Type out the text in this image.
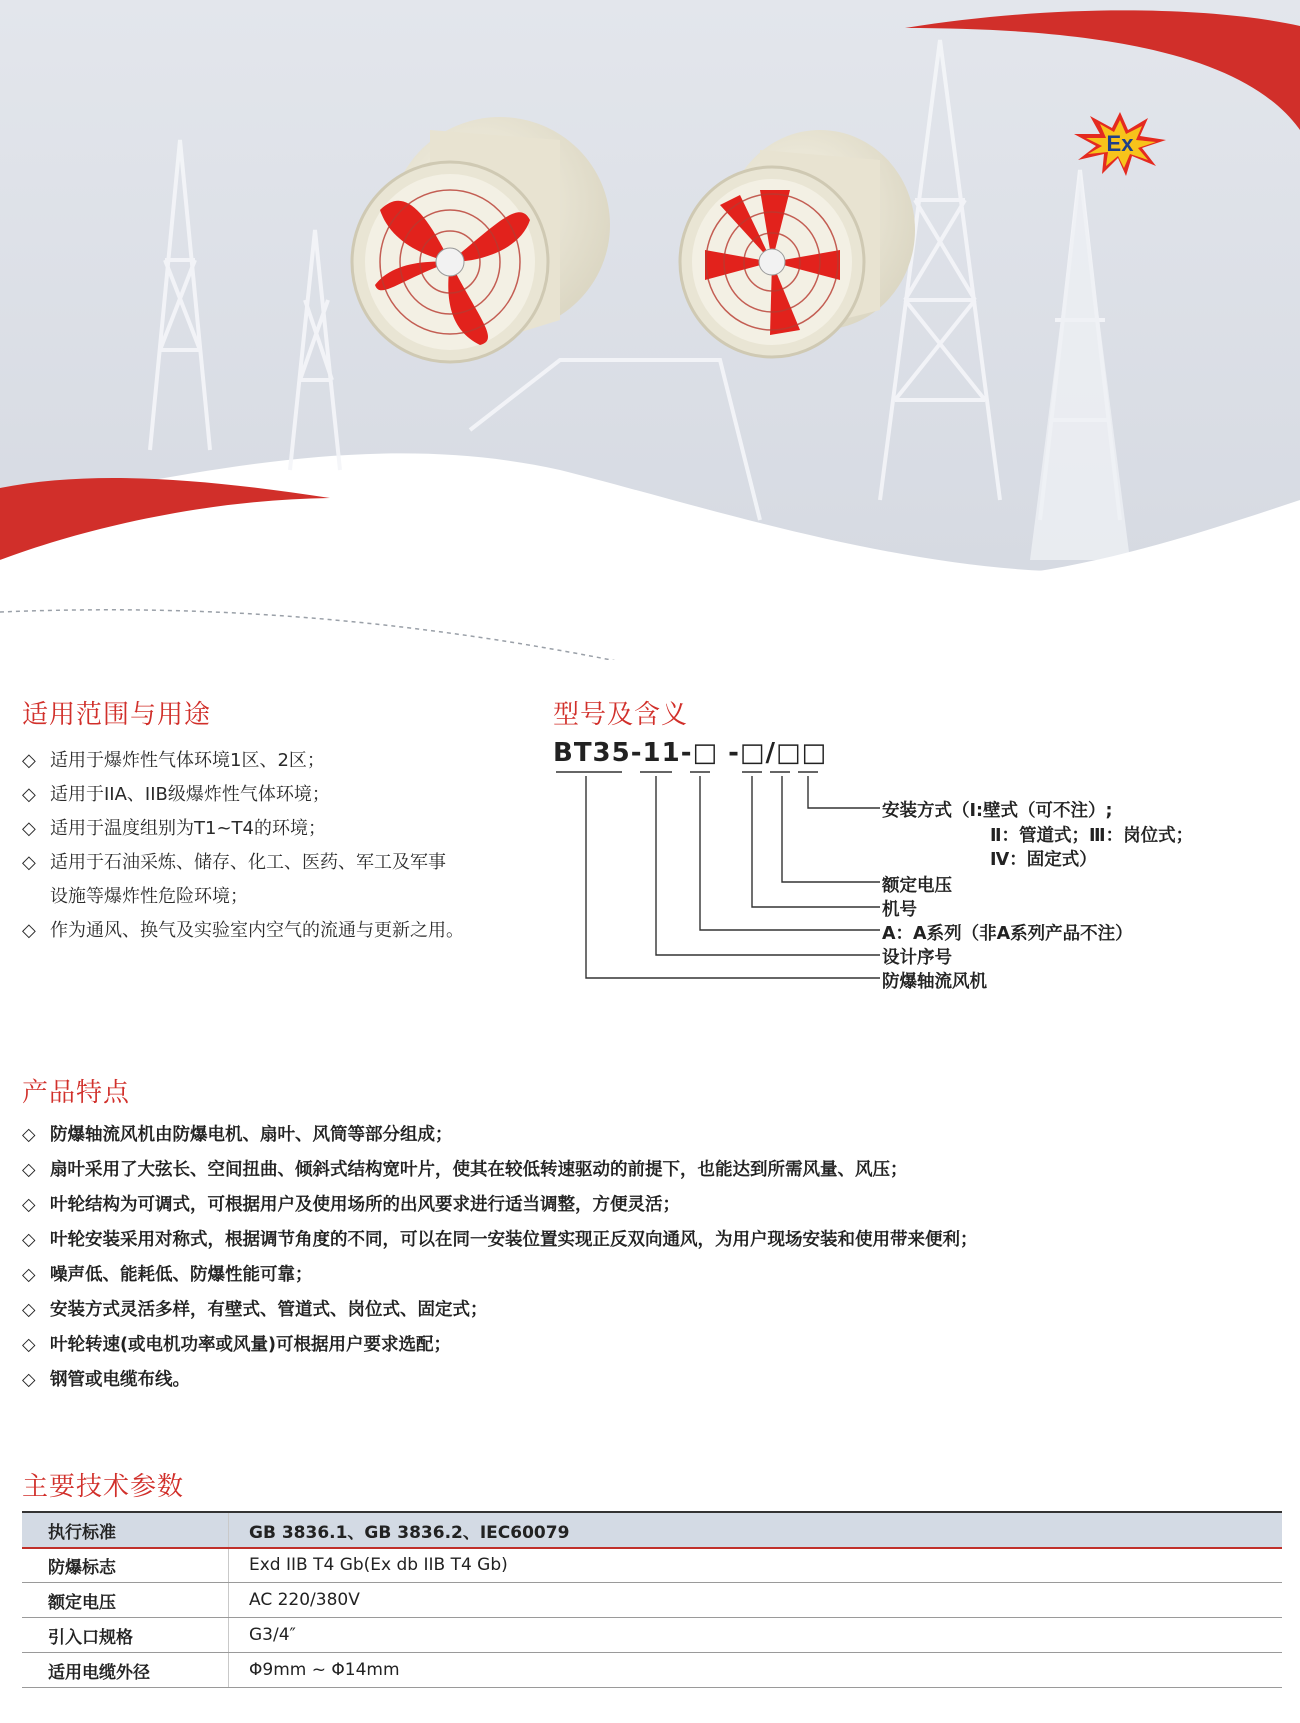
Ex
适用范围与用途
◇ 适用于爆炸性气体环境1区、2区；
◇ 适用于IIA、IIB级爆炸性气体环境；
◇ 适用于温度组别为T1~T4的环境；
◇ 适用于石油采炼、储存、化工、医药、军工及军事
设施等爆炸性危险环境；
◇ 作为通风、换气及实验室内空气的流通与更新之用。
型号及含义
BT35-11-□ -□/□□
安装方式（Ⅰ:壁式（可不注）;
Ⅱ：管道式；Ⅲ：岗位式；
Ⅳ：固定式）
额定电压
机号
A：A系列（非A系列产品不注）
设计序号
防爆轴流风机
产品特点
◇ 防爆轴流风机由防爆电机、扇叶、风筒等部分组成；
◇ 扇叶采用了大弦长、空间扭曲、倾斜式结构宽叶片，使其在较低转速驱动的前提下，也能达到所需风量、风压；
◇ 叶轮结构为可调式，可根据用户及使用场所的出风要求进行适当调整，方便灵活；
◇ 叶轮安装采用对称式，根据调节角度的不同，可以在同一安装位置实现正反双向通风，为用户现场安装和使用带来便利；
◇ 噪声低、能耗低、防爆性能可靠；
◇ 安装方式灵活多样，有壁式、管道式、岗位式、固定式；
◇ 叶轮转速(或电机功率或风量)可根据用户要求选配；
◇ 钢管或电缆布线。
主要技术参数
执行标准	GB 3836.1、GB 3836.2、IEC60079
防爆标志	Exd IIB T4 Gb(Ex db IIB T4 Gb)
额定电压	AC 220/380V
引入口规格	G3/4″
适用电缆外径	Φ9mm ~ Φ14mm
